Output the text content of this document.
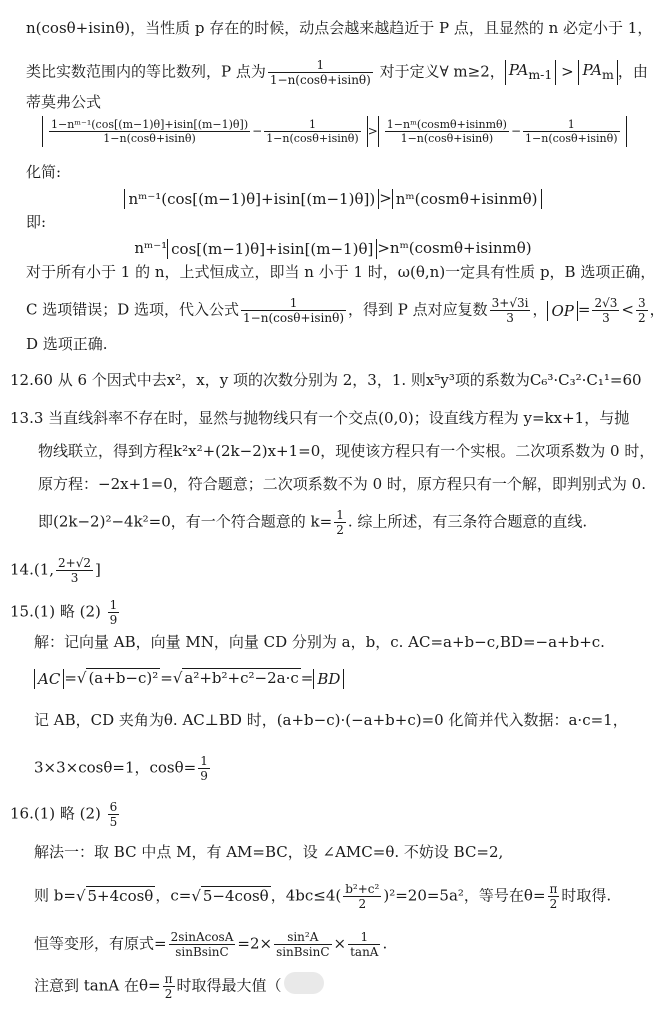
n(cosθ+isinθ)，当性质 p 存在的时候，动点会越来越趋近于 P 点，且显然的 n 必定小于 1，
类比实数范围内的等比数列，P 点为 $\frac{1}{1-n(\cos\theta+isin\theta)}$ 对于定义∀ m≥2， $PA_{m-1} > PA_m$ ，由
蒂莫弗公式
$\frac{\text{1−nᵐ⁻¹(cos[(m−1)θ]+isin[(m−1)θ])}}{1-n(\cos\theta+isin\theta)} - \frac{1}{1-n(\cos\theta+isin\theta)} > \frac{\text{1−nᵐ(cosmθ+isinmθ)}}{1-n(\cos\theta+isin\theta)} - \frac{1}{1-n(\cos\theta+isin\theta)}$
化简:
nᵐ⁻¹(cos[(m−1)θ]+isin[(m−1)θ]) > nᵐ(cosmθ+isinmθ)
即:
nᵐ⁻¹ cos[(m−1)θ]+isin[(m−1)θ] >nᵐ(cosmθ+isinmθ)
对于所有小于 1 的 n，上式恒成立，即当 n 小于 1 时，ω(θ,n)一定具有性质 p，B 选项正确，
C 选项错误；D 选项，代入公式 $\frac{1}{1-n(\cos\theta+isin\theta)}$ ，得到 P 点对应复数 $\frac{3+√3i}{3}$ ， OP = $\frac{2√3}{3} < \frac{3}{2}$ ，
D 选项正确.
12.60 从 6 个因式中去x²，x，y 项的次数分别为 2，3，1. 则x⁵y³项的系数为C₆³·C₃²·C₁¹=60
13.3 当直线斜率不存在时，显然与抛物线只有一个交点(0,0)；设直线方程为 y=kx+1，与抛
物线联立，得到方程k²x²+(2k−2)x+1=0，现使该方程只有一个实根。二次项系数为 0 时，
原方程：−2x+1=0，符合题意；二次项系数不为 0 时，原方程只有一个解，即判别式为 0.
即(2k−2)²−4k²=0，有一个符合题意的 $k= \frac{1}{2}$ . 综上所述，有三条符合题意的直线.
14.(1, $\frac{2+√2}{3}$ ]
15.(1) 略 $(2) \frac{1}{9}$
解：记向量 AB，向量 MN，向量 CD 分别为 a，b，c. AC=a+b−c,BD=−a+b+c.
AC = √ (a+b−c)² = √ a²+b²+c²−2a·c = BD
记 AB，CD 夹角为θ. AC⊥BD 时，(a+b−c)·(−a+b+c)=0 化简并代入数据：a·c=1，
3×3×cosθ=1，$\cos\theta= \frac{1}{9}$
16.(1) 略 $(2) \frac{6}{5}$
解法一：取 BC 中点 M，有 AM=BC，设 ∠AMC=θ. 不妨设 BC=2,
则 b= √ 5+4cosθ ，c= √ 5−4cosθ ，$4bc\le 4( \frac{\text{b²+c²}}{2} )^2=20=5a^2$，等号在$\theta= \frac{\pi}{2}$ 时取得.
恒等变形，有原式= $\frac{\text{2sinAcosA}}{\text{sinBsinC}} =2\times \frac{\text{sin²A}}{\text{sinBsinC}} \times \frac{1}{\tan A}$ .
注意到 tanA 在$\theta= \frac{\pi}{2}$ 时取得最大值（
